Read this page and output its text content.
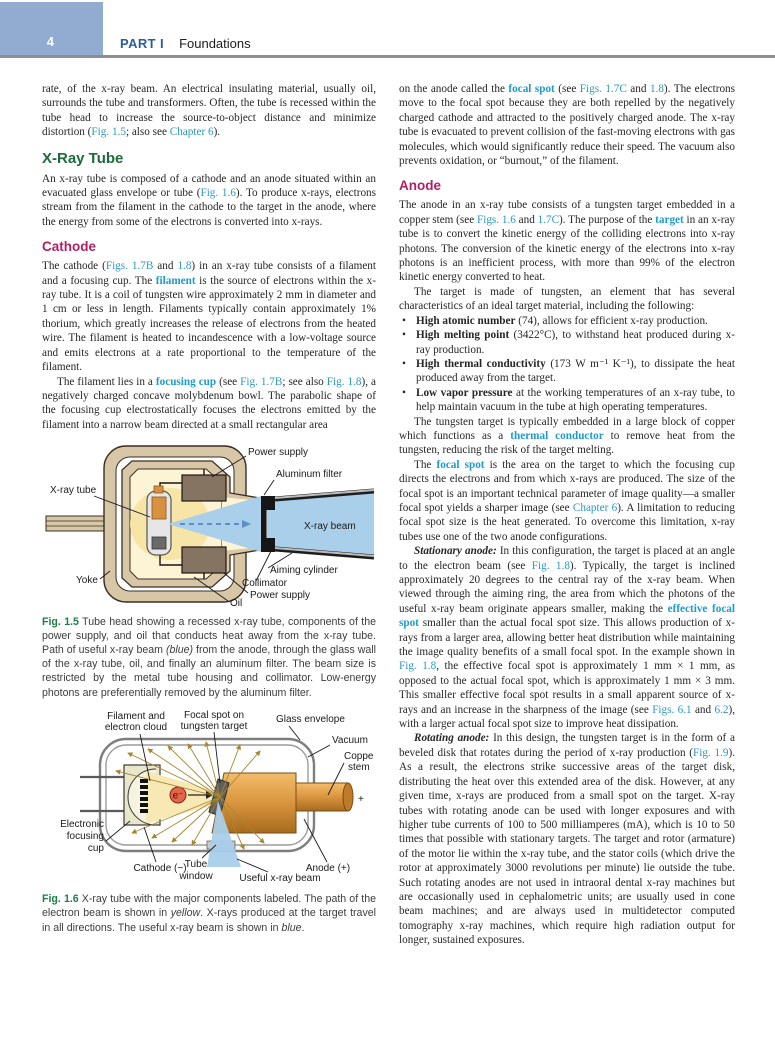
4	PART I Foundations

rate, of the x-ray beam. An electrical insulating material, usually oil, surrounds the tube and transformers. Often, the tube is recessed within the tube head to increase the source-to-object distance and minimize distortion (Fig. 1.5; also see Chapter 6).

X-Ray Tube

An x-ray tube is composed of a cathode and an anode situated within an evacuated glass envelope or tube (Fig. 1.6). To produce x-rays, electrons stream from the filament in the cathode to the target in the anode, where the energy from some of the electrons is converted into x-rays.

Cathode

The cathode (Figs. 1.7B and 1.8) in an x-ray tube consists of a filament and a focusing cup. The filament is the source of electrons within the x-ray tube. It is a coil of tungsten wire approximately 2 mm in diameter and 1 cm or less in length. Filaments typically contain approximately 1% thorium, which greatly increases the release of electrons from the heated wire. The filament is heated to incandescence with a low-voltage source and emits electrons at a rate proportional to the temperature of the filament.

The filament lies in a focusing cup (see Fig. 1.7B; see also Fig. 1.8), a negatively charged concave molybdenum bowl. The parabolic shape of the focusing cup electrostatically focuses the electrons emitted by the filament into a narrow beam directed at a small rectangular area

Power supply
X-ray tube
Aluminum filter
X-ray beam
Aiming cylinder
Collimator
Power supply
Oil
Yoke

Fig. 1.5 Tube head showing a recessed x-ray tube, components of the power supply, and oil that conducts heat away from the x-ray tube. Path of useful x-ray beam (blue) from the anode, through the glass wall of the x-ray tube, oil, and finally an aluminum filter. The beam size is restricted by the metal tube housing and collimator. Low-energy photons are preferentially removed by the aluminum filter.

e⁻	+
Filament and
electron cloud
Focal spot on
tungsten target
Glass envelope
Vacuum
Copper
stem
Electronic
focusing
cup
Cathode (−)
Tube
window	Useful x-ray beam
Anode (+)

Fig. 1.6 X-ray tube with the major components labeled. The path of the electron beam is shown in yellow. X-rays produced at the target travel in all directions. The useful x-ray beam is shown in blue.

on the anode called the focal spot (see Figs. 1.7C and 1.8). The electrons move to the focal spot because they are both repelled by the negatively charged cathode and attracted to the positively charged anode. The x-ray tube is evacuated to prevent collision of the fast-moving electrons with gas molecules, which would significantly reduce their speed. The vacuum also prevents oxidation, or “burnout,” of the filament.

Anode

The anode in an x-ray tube consists of a tungsten target embedded in a copper stem (see Figs. 1.6 and 1.7C). The purpose of the target in an x-ray tube is to convert the kinetic energy of the colliding electrons into x-ray photons. The conversion of the kinetic energy of the electrons into x-ray photons is an inefficient process, with more than 99% of the electron kinetic energy converted to heat.

The target is made of tungsten, an element that has several characteristics of an ideal target material, including the following:

• High atomic number (74), allows for efficient x-ray production.
• High melting point (3422°C), to withstand heat produced during x-ray production.
• High thermal conductivity (173 W m⁻¹ K⁻¹), to dissipate the heat produced away from the target.
• Low vapor pressure at the working temperatures of an x-ray tube, to help maintain vacuum in the tube at high operating temperatures.

The tungsten target is typically embedded in a large block of copper which functions as a thermal conductor to remove heat from the tungsten, reducing the risk of the target melting.

The focal spot is the area on the target to which the focusing cup directs the electrons and from which x-rays are produced. The size of the focal spot is an important technical parameter of image quality—a smaller focal spot yields a sharper image (see Chapter 6). A limitation to reducing focal spot size is the heat generated. To overcome this limitation, x-ray tubes use one of the two anode configurations.

Stationary anode: In this configuration, the target is placed at an angle to the electron beam (see Fig. 1.8). Typically, the target is inclined approximately 20 degrees to the central ray of the x-ray beam. When viewed through the aiming ring, the area from which the photons of the useful x-ray beam originate appears smaller, making the effective focal spot smaller than the actual focal spot size. This allows production of x-rays from a larger area, allowing better heat distribution while maintaining the image quality benefits of a small focal spot. In the example shown in Fig. 1.8, the effective focal spot is approximately 1 mm × 1 mm, as opposed to the actual focal spot, which is approximately 1 mm × 3 mm. This smaller effective focal spot results in a small apparent source of x-rays and an increase in the sharpness of the image (see Figs. 6.1 and 6.2), with a larger actual focal spot size to improve heat dissipation.

Rotating anode: In this design, the tungsten target is in the form of a beveled disk that rotates during the period of x-ray production (Fig. 1.9). As a result, the electrons strike successive areas of the target disk, distributing the heat over this extended area of the disk. However, at any given time, x-rays are produced from a small spot on the target. X-ray tubes with rotating anode can be used with longer exposures and with higher tube currents of 100 to 500 milliamperes (mA), which is 10 to 50 times that possible with stationary targets. The target and rotor (armature) of the motor lie within the x-ray tube, and the stator coils (which drive the rotor at approximately 3000 revolutions per minute) lie outside the tube. Such rotating anodes are not used in intraoral dental x-ray machines but are occasionally used in cephalometric units; are usually used in cone beam machines; and are always used in multidetector computed tomography x-ray machines, which require high radiation output for longer, sustained exposures.
